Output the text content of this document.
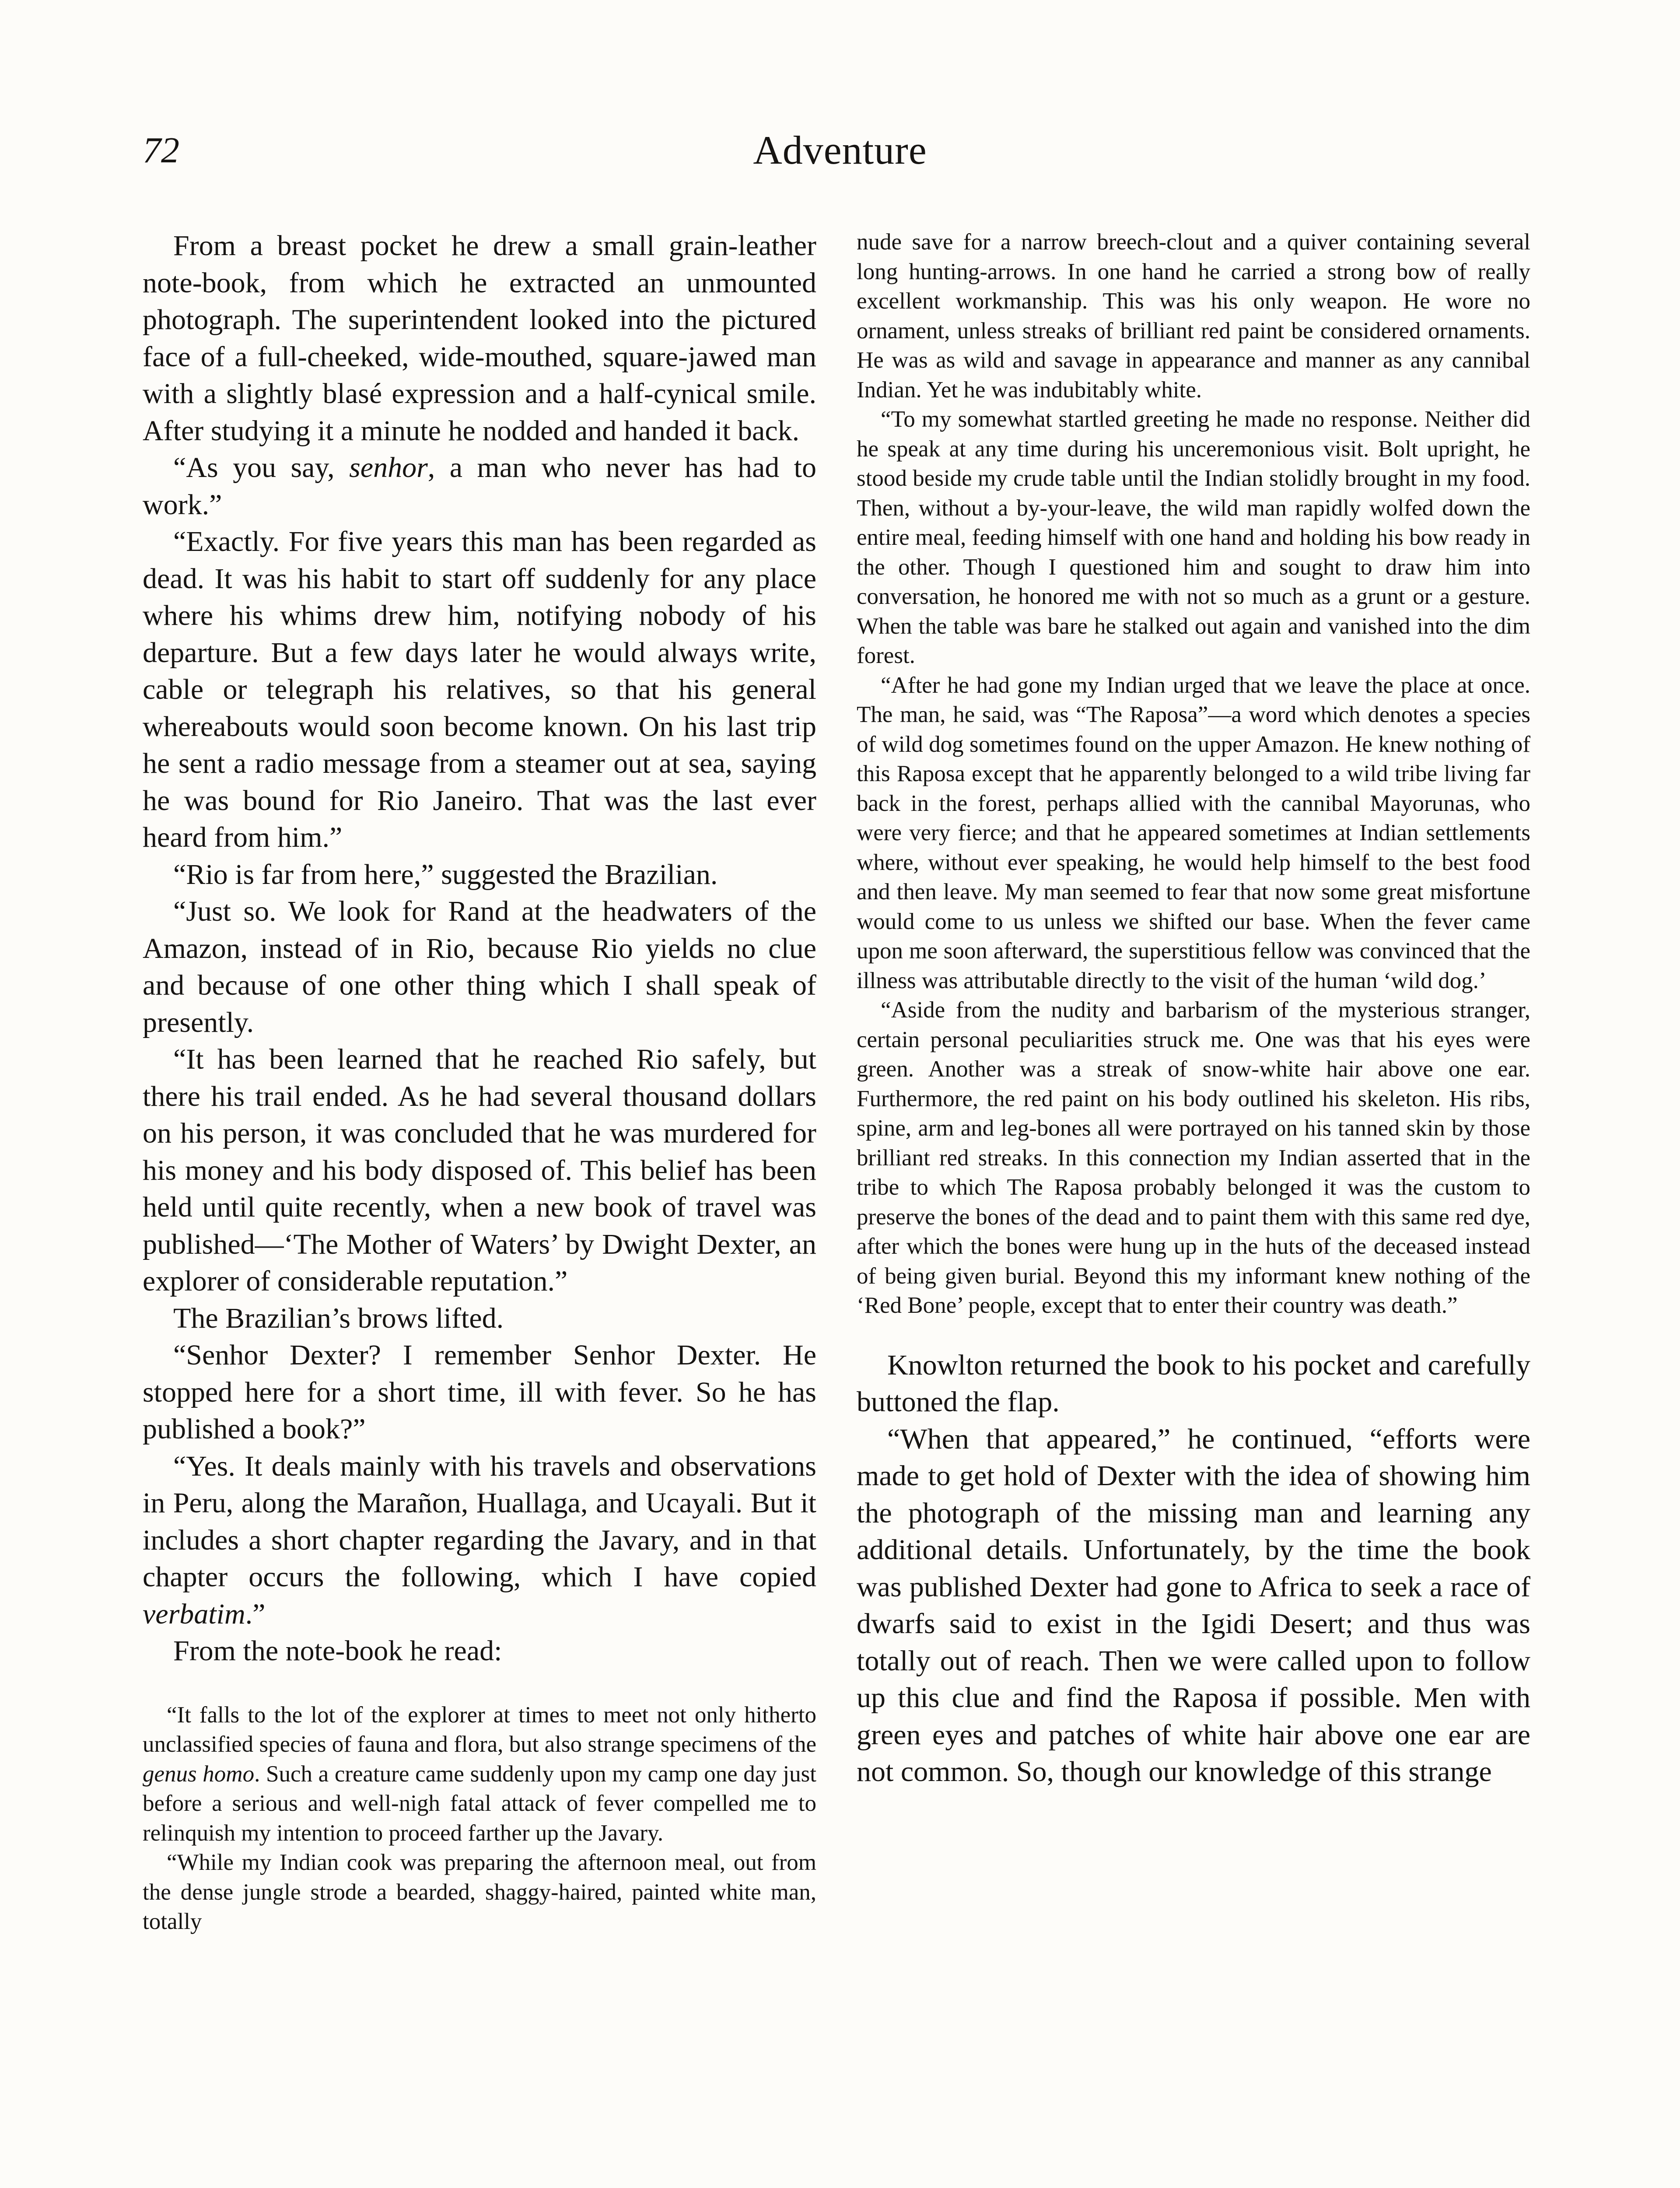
72	Adventure

From a breast pocket he drew a small grain-leather note-book, from which he extracted an unmounted photograph. The superintendent looked into the pictured face of a full-cheeked, wide-mouthed, square-jawed man with a slightly blasé expression and a half-cynical smile. After studying it a minute he nodded and handed it back.

“As you say, senhor, a man who never has had to work.”

“Exactly. For five years this man has been regarded as dead. It was his habit to start off suddenly for any place where his whims drew him, notifying nobody of his departure. But a few days later he would always write, cable or telegraph his relatives, so that his general whereabouts would soon become known. On his last trip he sent a radio message from a steamer out at sea, saying he was bound for Rio Janeiro. That was the last ever heard from him.”

“Rio is far from here,” suggested the Brazilian.

“Just so. We look for Rand at the headwaters of the Amazon, instead of in Rio, because Rio yields no clue and because of one other thing which I shall speak of presently.

“It has been learned that he reached Rio safely, but there his trail ended. As he had several thousand dollars on his person, it was concluded that he was murdered for his money and his body disposed of. This belief has been held until quite recently, when a new book of travel was published—‘The Mother of Waters’ by Dwight Dexter, an explorer of considerable reputation.”

The Brazilian’s brows lifted.

“Senhor Dexter? I remember Senhor Dexter. He stopped here for a short time, ill with fever. So he has published a book?”

“Yes. It deals mainly with his travels and observations in Peru, along the Marañon, Huallaga, and Ucayali. But it includes a short chapter regarding the Javary, and in that chapter occurs the following, which I have copied verbatim.”

From the note-book he read:

“It falls to the lot of the explorer at times to meet not only hitherto unclassified species of fauna and flora, but also strange specimens of the genus homo. Such a creature came suddenly upon my camp one day just before a serious and well-nigh fatal attack of fever compelled me to relinquish my intention to proceed farther up the Javary.

“While my Indian cook was preparing the afternoon meal, out from the dense jungle strode a bearded, shaggy-haired, painted white man, totally

nude save for a narrow breech-clout and a quiver containing several long hunting-arrows. In one hand he carried a strong bow of really excellent workmanship. This was his only weapon. He wore no ornament, unless streaks of brilliant red paint be considered ornaments. He was as wild and savage in appearance and manner as any cannibal Indian. Yet he was indubitably white.

“To my somewhat startled greeting he made no response. Neither did he speak at any time during his unceremonious visit. Bolt upright, he stood beside my crude table until the Indian stolidly brought in my food. Then, without a by-your-leave, the wild man rapidly wolfed down the entire meal, feeding himself with one hand and holding his bow ready in the other. Though I questioned him and sought to draw him into conversation, he honored me with not so much as a grunt or a gesture. When the table was bare he stalked out again and vanished into the dim forest.

“After he had gone my Indian urged that we leave the place at once. The man, he said, was “The Raposa”—a word which denotes a species of wild dog sometimes found on the upper Amazon. He knew nothing of this Raposa except that he apparently belonged to a wild tribe living far back in the forest, perhaps allied with the cannibal Mayorunas, who were very fierce; and that he appeared sometimes at Indian settlements where, without ever speaking, he would help himself to the best food and then leave. My man seemed to fear that now some great misfortune would come to us unless we shifted our base. When the fever came upon me soon afterward, the superstitious fellow was convinced that the illness was attributable directly to the visit of the human ‘wild dog.’

“Aside from the nudity and barbarism of the mysterious stranger, certain personal peculiarities struck me. One was that his eyes were green. Another was a streak of snow-white hair above one ear. Furthermore, the red paint on his body outlined his skeleton. His ribs, spine, arm and leg-bones all were portrayed on his tanned skin by those brilliant red streaks. In this connection my Indian asserted that in the tribe to which The Raposa probably belonged it was the custom to preserve the bones of the dead and to paint them with this same red dye, after which the bones were hung up in the huts of the deceased instead of being given burial. Beyond this my informant knew nothing of the ‘Red Bone’ people, except that to enter their country was death.”

Knowlton returned the book to his pocket and carefully buttoned the flap.

“When that appeared,” he continued, “efforts were made to get hold of Dexter with the idea of showing him the photograph of the missing man and learning any additional details. Unfortunately, by the time the book was published Dexter had gone to Africa to seek a race of dwarfs said to exist in the Igidi Desert; and thus was totally out of reach. Then we were called upon to follow up this clue and find the Raposa if possible. Men with green eyes and patches of white hair above one ear are not common. So, though our knowledge of this strange
